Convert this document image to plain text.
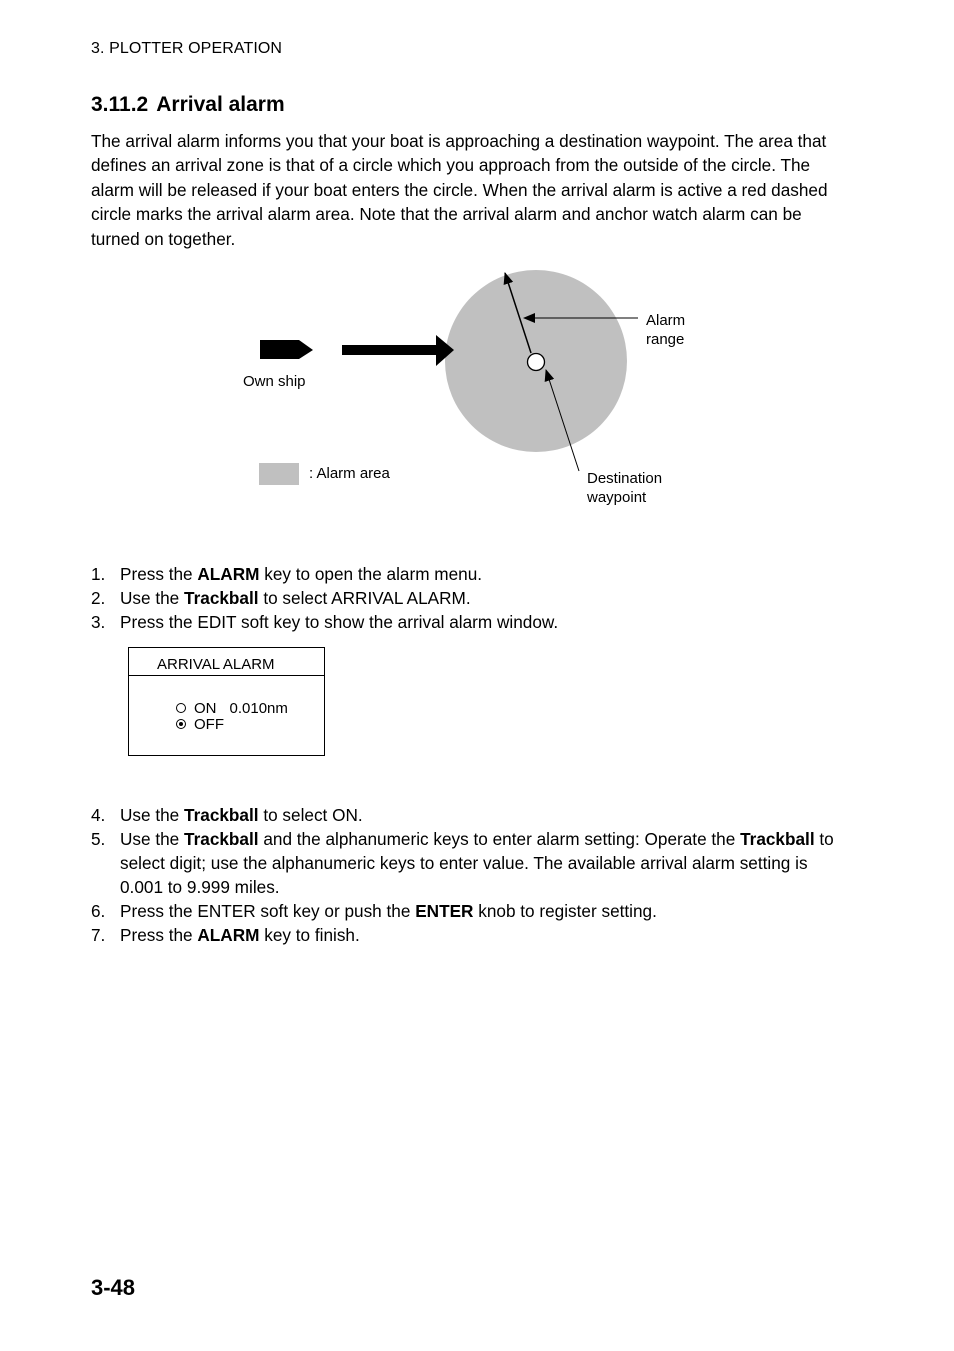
3. PLOTTER OPERATION
3.11.2 Arrival alarm

The arrival alarm informs you that your boat is approaching a destination waypoint. The area that defines an arrival zone is that of a circle which you approach from the outside of the circle. The alarm will be released if your boat enters the circle. When the arrival alarm is active a red dashed circle marks the arrival alarm area. Note that the arrival alarm and anchor watch alarm can be turned on together.

Own ship
Alarm
range
Destination
waypoint
: Alarm area
1. Press the ALARM key to open the alarm menu.
2. Use the Trackball to select ARRIVAL ALARM.
3. Press the EDIT soft key to show the arrival alarm window.
ARRIVAL ALARM
ON 0.010nm
OFF
4. Use the Trackball to select ON.
5. Use the Trackball and the alphanumeric keys to enter alarm setting: Operate the Trackball to select digit; use the alphanumeric keys to enter value. The available arrival alarm setting is 0.001 to 9.999 miles.
6. Press the ENTER soft key or push the ENTER knob to register setting.
7. Press the ALARM key to finish.
3-48
